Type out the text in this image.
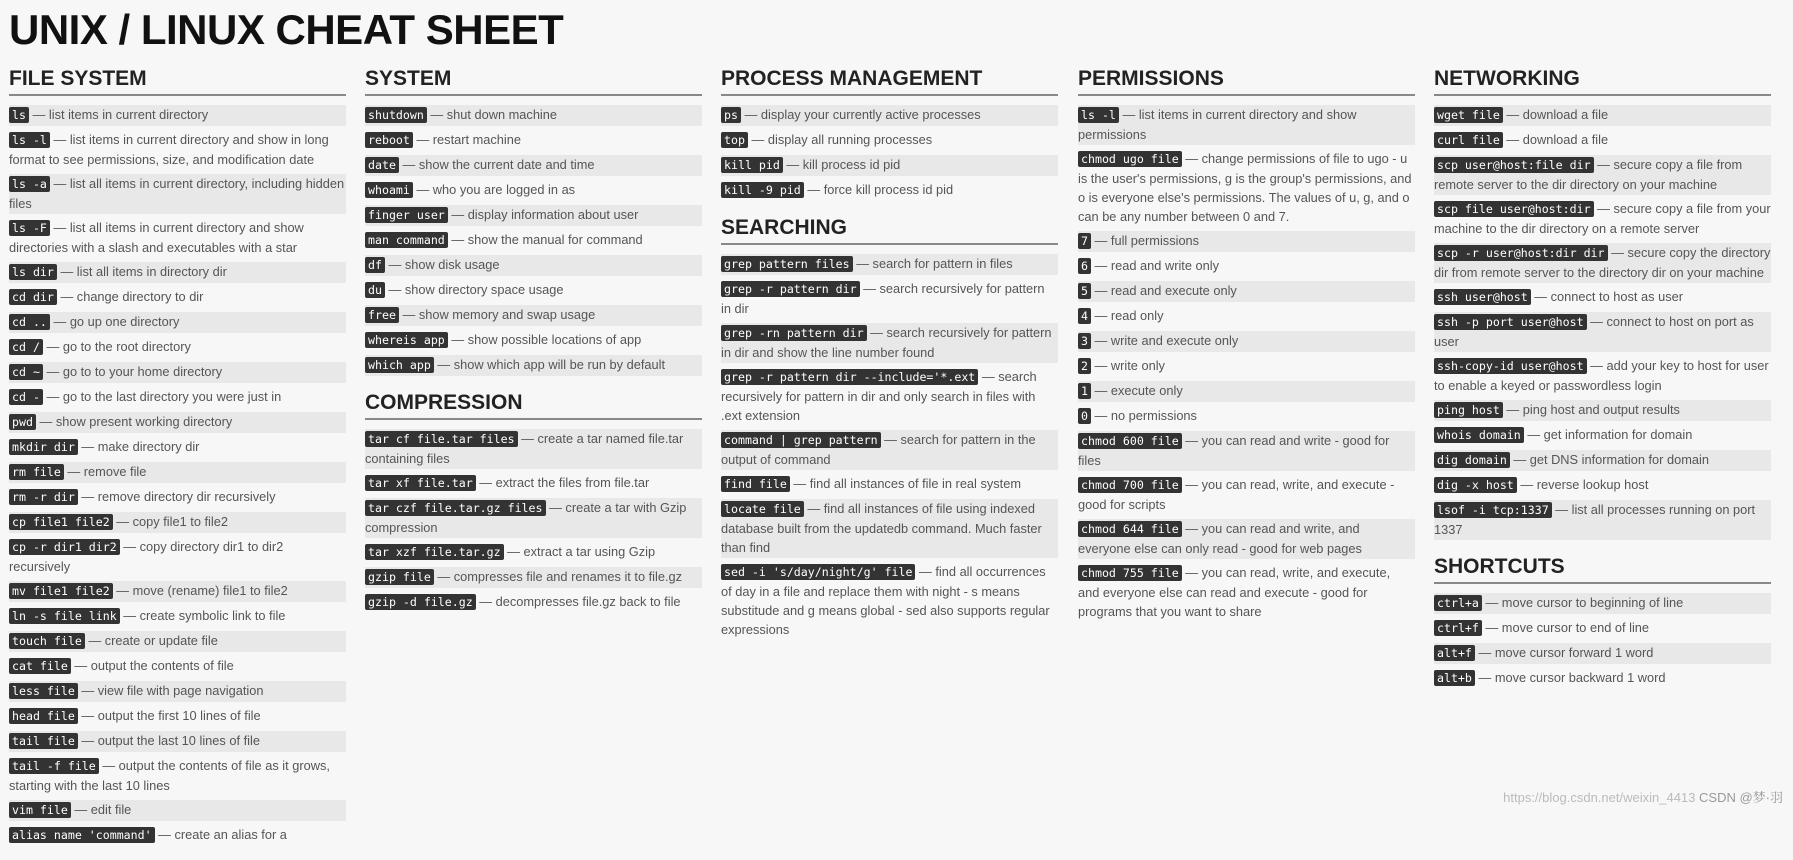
UNIX / LINUX CHEAT SHEET
FILE SYSTEM
ls — list items in current directory
ls -l — list items in current directory and show in long format to see permissions, size, and modification date
ls -a — list all items in current directory, including hidden files
ls -F — list all items in current directory and show directories with a slash and executables with a star
ls dir — list all items in directory dir
cd dir — change directory to dir
cd .. — go up one directory
cd / — go to the root directory
cd ~ — go to to your home directory
cd - — go to the last directory you were just in
pwd — show present working directory
mkdir dir — make directory dir
rm file — remove file
rm -r dir — remove directory dir recursively
cp file1 file2 — copy file1 to file2
cp -r dir1 dir2 — copy directory dir1 to dir2 recursively
mv file1 file2 — move (rename) file1 to file2
ln -s file link — create symbolic link to file
touch file — create or update file
cat file — output the contents of file
less file — view file with page navigation
head file — output the first 10 lines of file
tail file — output the last 10 lines of file
tail -f file — output the contents of file as it grows, starting with the last 10 lines
vim file — edit file
alias name 'command' — create an alias for a
SYSTEM
shutdown — shut down machine
reboot — restart machine
date — show the current date and time
whoami — who you are logged in as
finger user — display information about user
man command — show the manual for command
df — show disk usage
du — show directory space usage
free — show memory and swap usage
whereis app — show possible locations of app
which app — show which app will be run by default
COMPRESSION
tar cf file.tar files — create a tar named file.tar containing files
tar xf file.tar — extract the files from file.tar
tar czf file.tar.gz files — create a tar with Gzip compression
tar xzf file.tar.gz — extract a tar using Gzip
gzip file — compresses file and renames it to file.gz
gzip -d file.gz — decompresses file.gz back to file
PROCESS MANAGEMENT
ps — display your currently active processes
top — display all running processes
kill pid — kill process id pid
kill -9 pid — force kill process id pid
SEARCHING
grep pattern files — search for pattern in files
grep -r pattern dir — search recursively for pattern in dir
grep -rn pattern dir — search recursively for pattern in dir and show the line number found
grep -r pattern dir --include='*.ext — search recursively for pattern in dir and only search in files with .ext extension
command | grep pattern — search for pattern in the output of command
find file — find all instances of file in real system
locate file — find all instances of file using indexed database built from the updatedb command. Much faster than find
sed -i 's/day/night/g' file — find all occurrences of day in a file and replace them with night - s means substitude and g means global - sed also supports regular expressions
PERMISSIONS
ls -l — list items in current directory and show permissions
chmod ugo file — change permissions of file to ugo - u is the user's permissions, g is the group's permissions, and o is everyone else's permissions. The values of u, g, and o can be any number between 0 and 7.
7 — full permissions
6 — read and write only
5 — read and execute only
4 — read only
3 — write and execute only
2 — write only
1 — execute only
0 — no permissions
chmod 600 file — you can read and write - good for files
chmod 700 file — you can read, write, and execute - good for scripts
chmod 644 file — you can read and write, and everyone else can only read - good for web pages
chmod 755 file — you can read, write, and execute, and everyone else can read and execute - good for programs that you want to share
NETWORKING
wget file — download a file
curl file — download a file
scp user@host:file dir — secure copy a file from remote server to the dir directory on your machine
scp file user@host:dir — secure copy a file from your machine to the dir directory on a remote server
scp -r user@host:dir dir — secure copy the directory dir from remote server to the directory dir on your machine
ssh user@host — connect to host as user
ssh -p port user@host — connect to host on port as user
ssh-copy-id user@host — add your key to host for user to enable a keyed or passwordless login
ping host — ping host and output results
whois domain — get information for domain
dig domain — get DNS information for domain
dig -x host — reverse lookup host
lsof -i tcp:1337 — list all processes running on port 1337
SHORTCUTS
ctrl+a — move cursor to beginning of line
ctrl+f — move cursor to end of line
alt+f — move cursor forward 1 word
alt+b — move cursor backward 1 word
https://blog.csdn.net/weixin_4413 CSDN @梦·羽
